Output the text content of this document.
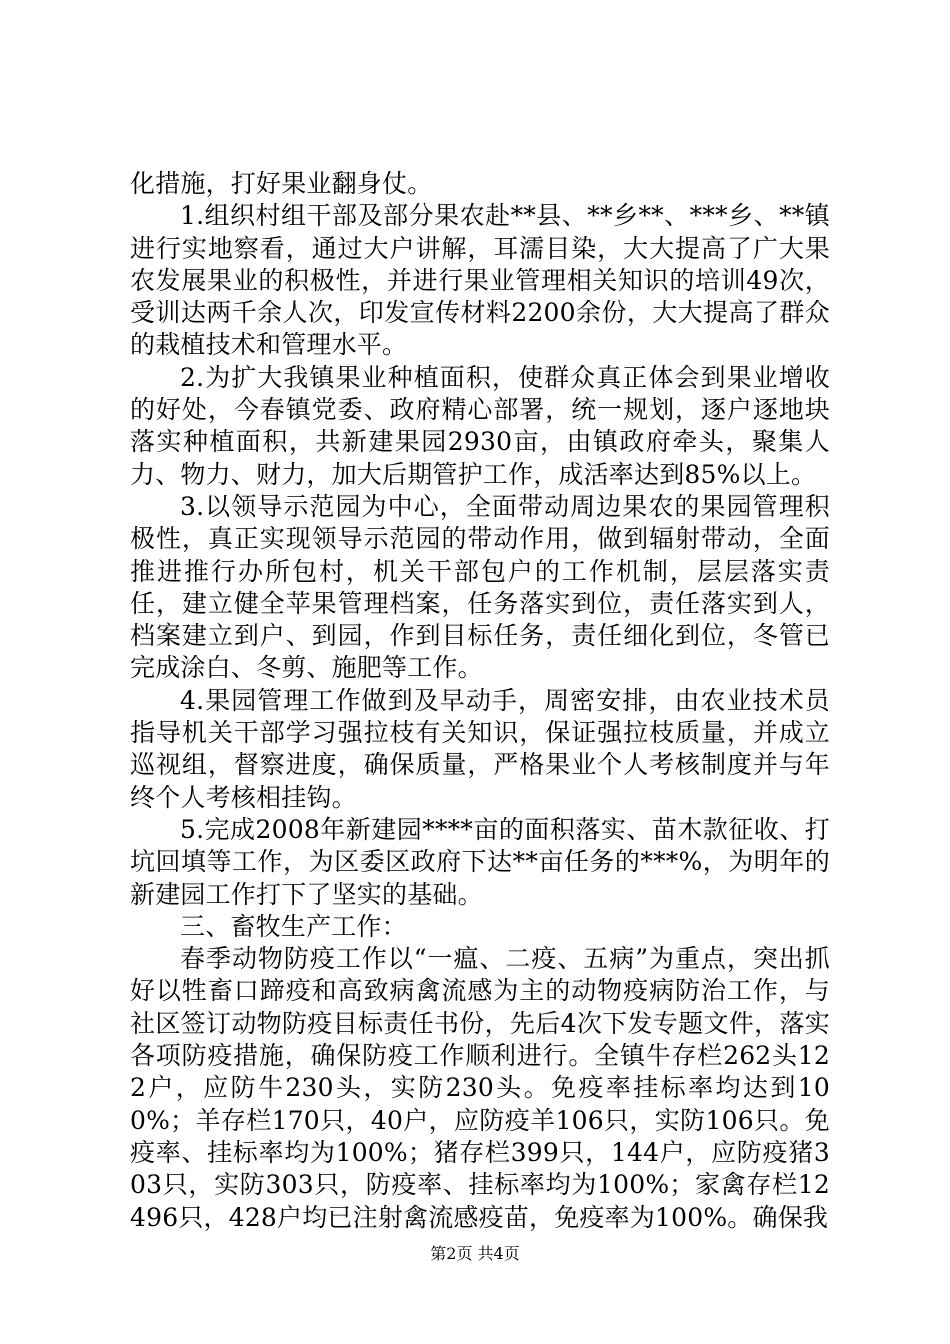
化措施，打好果业翻身仗。

1.组织村组干部及部分果农赴**县、**乡**、***乡、**镇进行实地察看，通过大户讲解，耳濡目染，大大提高了广大果农发展果业的积极性，并进行果业管理相关知识的培训49次，受训达两千余人次，印发宣传材料2200余份，大大提高了群众的栽植技术和管理水平。

2.为扩大我镇果业种植面积，使群众真正体会到果业增收的好处，今春镇党委、政府精心部署，统一规划，逐户逐地块落实种植面积，共新建果园2930亩，由镇政府牵头，聚集人力、物力、财力，加大后期管护工作，成活率达到85%以上。

3.以领导示范园为中心，全面带动周边果农的果园管理积极性，真正实现领导示范园的带动作用，做到辐射带动，全面推进推行办所包村，机关干部包户的工作机制，层层落实责任，建立健全苹果管理档案，任务落实到位，责任落实到人，档案建立到户、到园，作到目标任务，责任细化到位，冬管已完成涂白、冬剪、施肥等工作。

4.果园管理工作做到及早动手，周密安排，由农业技术员指导机关干部学习强拉枝有关知识，保证强拉枝质量，并成立巡视组，督察进度，确保质量，严格果业个人考核制度并与年终个人考核相挂钩。

5.完成2008年新建园****亩的面积落实、苗木款征收、打坑回填等工作，为区委区政府下达**亩任务的***%，为明年的新建园工作打下了坚实的基础。

三、畜牧生产工作：

春季动物防疫工作以“一瘟、二疫、五病”为重点，突出抓好以牲畜口蹄疫和高致病禽流感为主的动物疫病防治工作，与社区签订动物防疫目标责任书份，先后4次下发专题文件，落实各项防疫措施，确保防疫工作顺利进行。全镇牛存栏262头122户，应防牛230头，实防230头。免疫率挂标率均达到100%；羊存栏170只，40户，应防疫羊106只，实防106只。免疫率、挂标率均为100%；猪存栏399只，144户，应防疫猪303只，实防303只，防疫率、挂标率均为100%；家禽存栏12496只，428户均已注射禽流感疫苗，免疫率为100%。确保我

第2页 共4页
